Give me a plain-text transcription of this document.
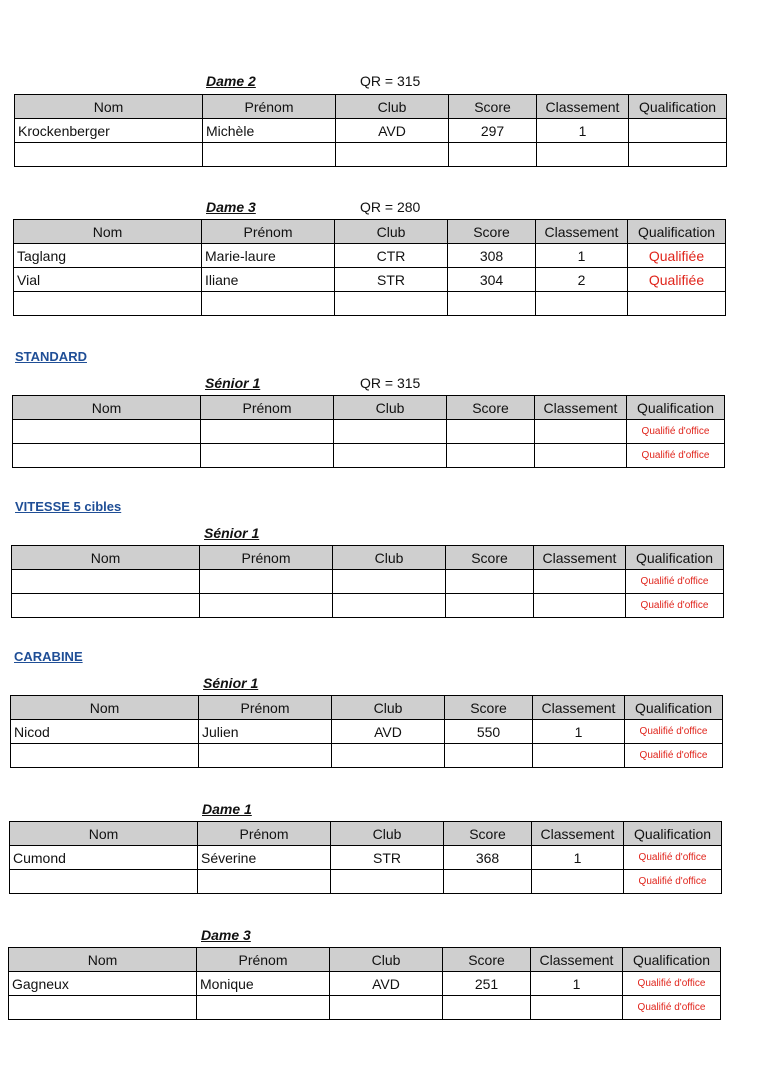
Dame 2	QR = 315
Nom	Prénom	Club	Score	Classement	Qualification
Krockenberger	Michèle	AVD	297	1	

Dame 3	QR = 280
Nom	Prénom	Club	Score	Classement	Qualification
Taglang	Marie-laure	CTR	308	1	Qualifiée
Vial	Iliane	STR	304	2	Qualifiée

STANDARD
Sénior 1	QR = 315
Nom	Prénom	Club	Score	Classement	Qualification
					Qualifié d'office
					Qualifié d'office
VITESSE 5 cibles
Sénior 1
Nom	Prénom	Club	Score	Classement	Qualification
					Qualifié d'office
					Qualifié d'office
CARABINE
Sénior 1
Nom	Prénom	Club	Score	Classement	Qualification
Nicod	Julien	AVD	550	1	Qualifié d'office
					Qualifié d'office
Dame 1
Nom	Prénom	Club	Score	Classement	Qualification
Cumond	Séverine	STR	368	1	Qualifié d'office
					Qualifié d'office
Dame 3
Nom	Prénom	Club	Score	Classement	Qualification
Gagneux	Monique	AVD	251	1	Qualifié d'office
					Qualifié d'office
